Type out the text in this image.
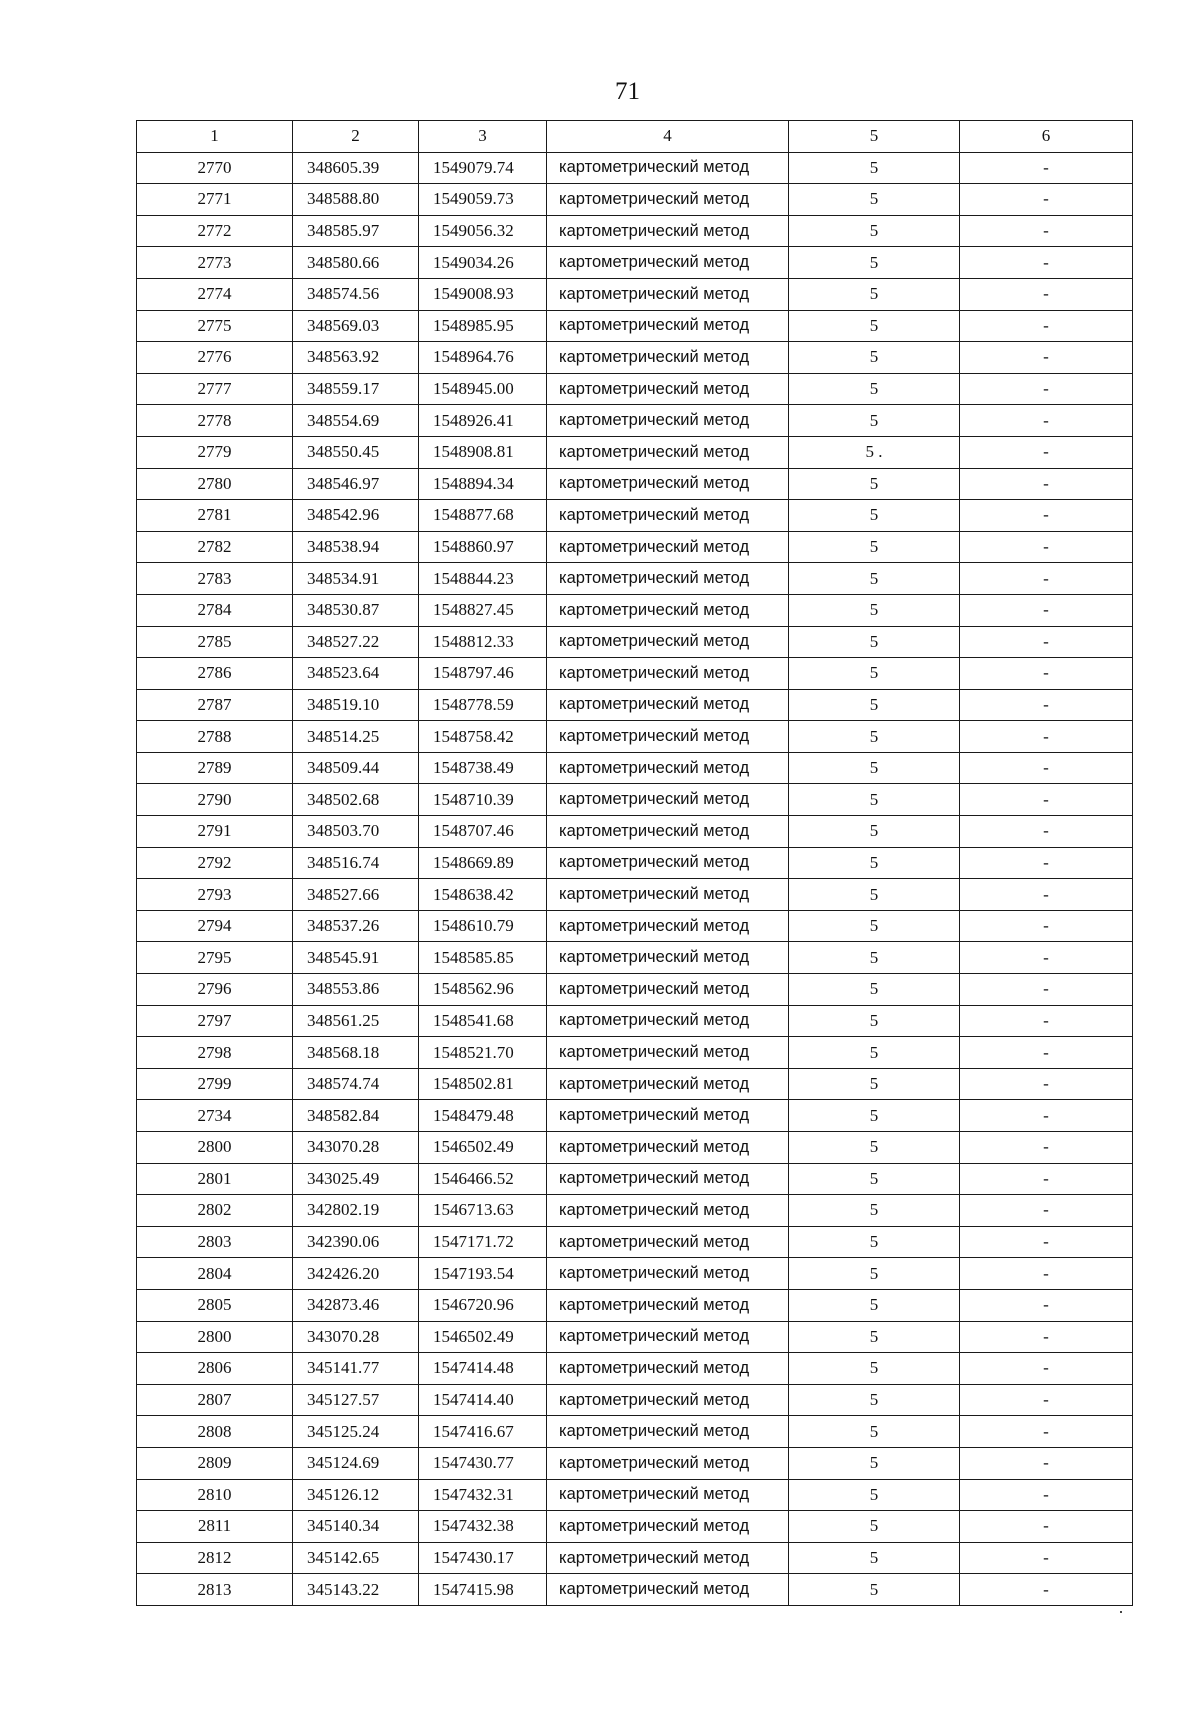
71
1	2	3	4	5	6
2770	348605.39	1549079.74	картометрический метод	5	-
2771	348588.80	1549059.73	картометрический метод	5	-
2772	348585.97	1549056.32	картометрический метод	5	-
2773	348580.66	1549034.26	картометрический метод	5	-
2774	348574.56	1549008.93	картометрический метод	5	-
2775	348569.03	1548985.95	картометрический метод	5	-
2776	348563.92	1548964.76	картометрический метод	5	-
2777	348559.17	1548945.00	картометрический метод	5	-
2778	348554.69	1548926.41	картометрический метод	5	-
2779	348550.45	1548908.81	картометрический метод	5 .	-
2780	348546.97	1548894.34	картометрический метод	5	-
2781	348542.96	1548877.68	картометрический метод	5	-
2782	348538.94	1548860.97	картометрический метод	5	-
2783	348534.91	1548844.23	картометрический метод	5	-
2784	348530.87	1548827.45	картометрический метод	5	-
2785	348527.22	1548812.33	картометрический метод	5	-
2786	348523.64	1548797.46	картометрический метод	5	-
2787	348519.10	1548778.59	картометрический метод	5	-
2788	348514.25	1548758.42	картометрический метод	5	-
2789	348509.44	1548738.49	картометрический метод	5	-
2790	348502.68	1548710.39	картометрический метод	5	-
2791	348503.70	1548707.46	картометрический метод	5	-
2792	348516.74	1548669.89	картометрический метод	5	-
2793	348527.66	1548638.42	картометрический метод	5	-
2794	348537.26	1548610.79	картометрический метод	5	-
2795	348545.91	1548585.85	картометрический метод	5	-
2796	348553.86	1548562.96	картометрический метод	5	-
2797	348561.25	1548541.68	картометрический метод	5	-
2798	348568.18	1548521.70	картометрический метод	5	-
2799	348574.74	1548502.81	картометрический метод	5	-
2734	348582.84	1548479.48	картометрический метод	5	-
2800	343070.28	1546502.49	картометрический метод	5	-
2801	343025.49	1546466.52	картометрический метод	5	-
2802	342802.19	1546713.63	картометрический метод	5	-
2803	342390.06	1547171.72	картометрический метод	5	-
2804	342426.20	1547193.54	картометрический метод	5	-
2805	342873.46	1546720.96	картометрический метод	5	-
2800	343070.28	1546502.49	картометрический метод	5	-
2806	345141.77	1547414.48	картометрический метод	5	-
2807	345127.57	1547414.40	картометрический метод	5	-
2808	345125.24	1547416.67	картометрический метод	5	-
2809	345124.69	1547430.77	картометрический метод	5	-
2810	345126.12	1547432.31	картометрический метод	5	-
2811	345140.34	1547432.38	картометрический метод	5	-
2812	345142.65	1547430.17	картометрический метод	5	-
2813	345143.22	1547415.98	картометрический метод	5	-
